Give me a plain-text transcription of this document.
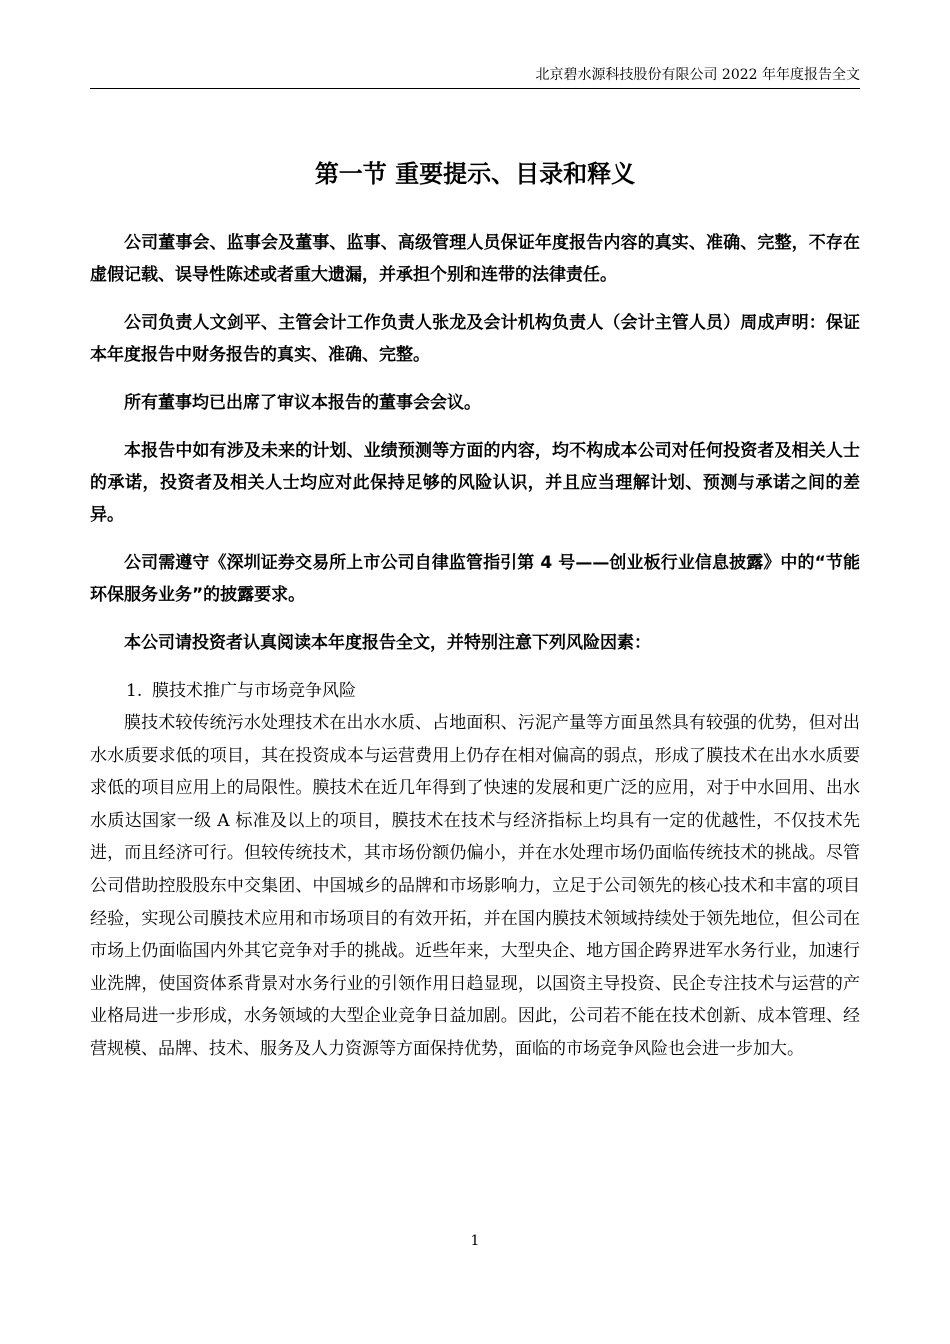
北京碧水源科技股份有限公司 2022 年年度报告全文
第一节 重要提示、目录和释义

公司董事会、监事会及董事、监事、高级管理人员保证年度报告内容的真实、准确、完整，不存在虚假记载、误导性陈述或者重大遗漏，并承担个别和连带的法律责任。

公司负责人文剑平、主管会计工作负责人张龙及会计机构负责人（会计主管人员）周成声明：保证本年度报告中财务报告的真实、准确、完整。

所有董事均已出席了审议本报告的董事会会议。

本报告中如有涉及未来的计划、业绩预测等方面的内容，均不构成本公司对任何投资者及相关人士的承诺，投资者及相关人士均应对此保持足够的风险认识，并且应当理解计划、预测与承诺之间的差异。

公司需遵守《深圳证券交易所上市公司自律监管指引第 4 号——创业板行业信息披露》中的“节能环保服务业务”的披露要求。

本公司请投资者认真阅读本年度报告全文，并特别注意下列风险因素：

1. 膜技术推广与市场竞争风险

膜技术较传统污水处理技术在出水水质、占地面积、污泥产量等方面虽然具有较强的优势，但对出水水质要求低的项目，其在投资成本与运营费用上仍存在相对偏高的弱点，形成了膜技术在出水水质要求低的项目应用上的局限性。膜技术在近几年得到了快速的发展和更广泛的应用，对于中水回用、出水水质达国家一级 A 标准及以上的项目，膜技术在技术与经济指标上均具有一定的优越性，不仅技术先进，而且经济可行。但较传统技术，其市场份额仍偏小，并在水处理市场仍面临传统技术的挑战。尽管公司借助控股股东中交集团、中国城乡的品牌和市场影响力，立足于公司领先的核心技术和丰富的项目经验，实现公司膜技术应用和市场项目的有效开拓，并在国内膜技术领域持续处于领先地位，但公司在市场上仍面临国内外其它竞争对手的挑战。近些年来，大型央企、地方国企跨界进军水务行业，加速行业洗牌，使国资体系背景对水务行业的引领作用日趋显现，以国资主导投资、民企专注技术与运营的产业格局进一步形成，水务领域的大型企业竞争日益加剧。因此，公司若不能在技术创新、成本管理、经营规模、品牌、技术、服务及人力资源等方面保持优势，面临的市场竞争风险也会进一步加大。

1
